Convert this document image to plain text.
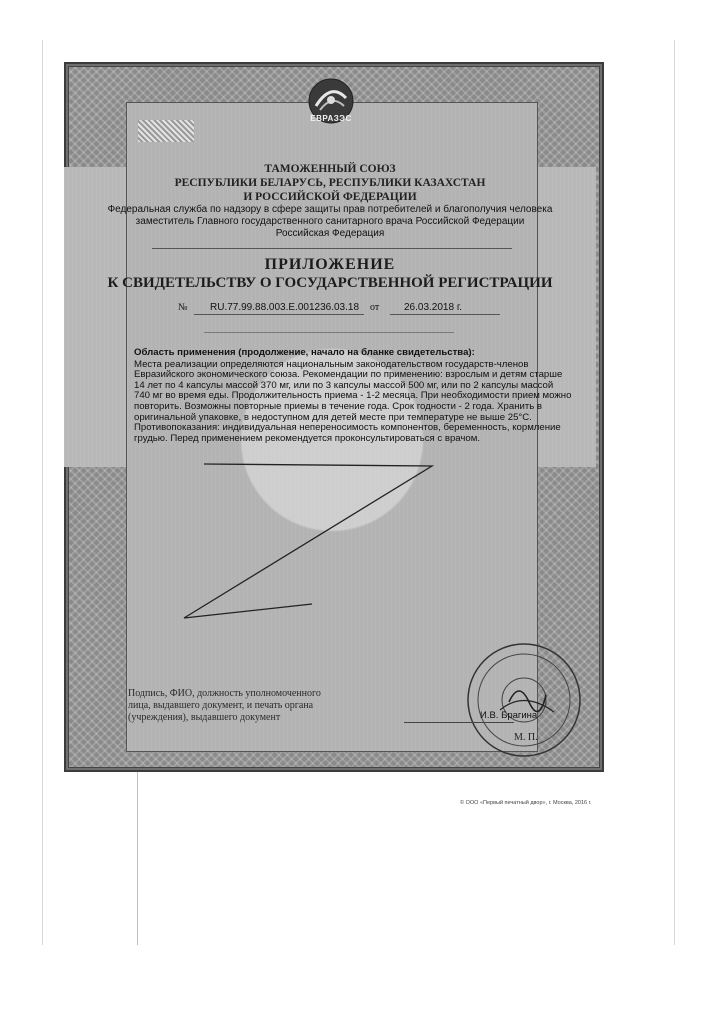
ЕВРАЗЭС
ТАМОЖЕННЫЙ СОЮЗ
РЕСПУБЛИКИ БЕЛАРУСЬ, РЕСПУБЛИКИ КАЗАХСТАН
И РОССИЙСКОЙ ФЕДЕРАЦИИ
Федеральная служба по надзору в сфере защиты прав потребителей и благополучия человека
заместитель Главного государственного санитарного врача Российской Федерации
Российская Федерация
ПРИЛОЖЕНИЕ
К СВИДЕТЕЛЬСТВУ О ГОСУДАРСТВЕННОЙ РЕГИСТРАЦИИ
№ RU.77.99.88.003.Е.001236.03.18 от 26.03.2018 г.
Область применения (продолжение, начало на бланке свидетельства):
Места реализации определяются национальным законодательством государств-членов
Евразийского экономического союза. Рекомендации по применению: взрослым и детям старше
14 лет по 4 капсулы массой 370 мг, или по 3 капсулы массой 500 мг, или по 2 капсулы массой
740 мг во время еды. Продолжительность приема - 1-2 месяца. При необходимости прием можно
повторить. Возможны повторные приемы в течение года. Срок годности - 2 года. Хранить в
оригинальной упаковке, в недоступном для детей месте при температуре не выше 25°С.
Противопоказания: индивидуальная непереносимость компонентов, беременность, кормление
грудью. Перед применением рекомендуется проконсультироваться с врачом.
Подпись, ФИО, должность уполномоченного
лица, выдавшего документ, и печать органа
(учреждения), выдавшего документ	И.В. Брагина
М. П.
© ООО «Первый печатный двор», г. Москва, 2016 г.
